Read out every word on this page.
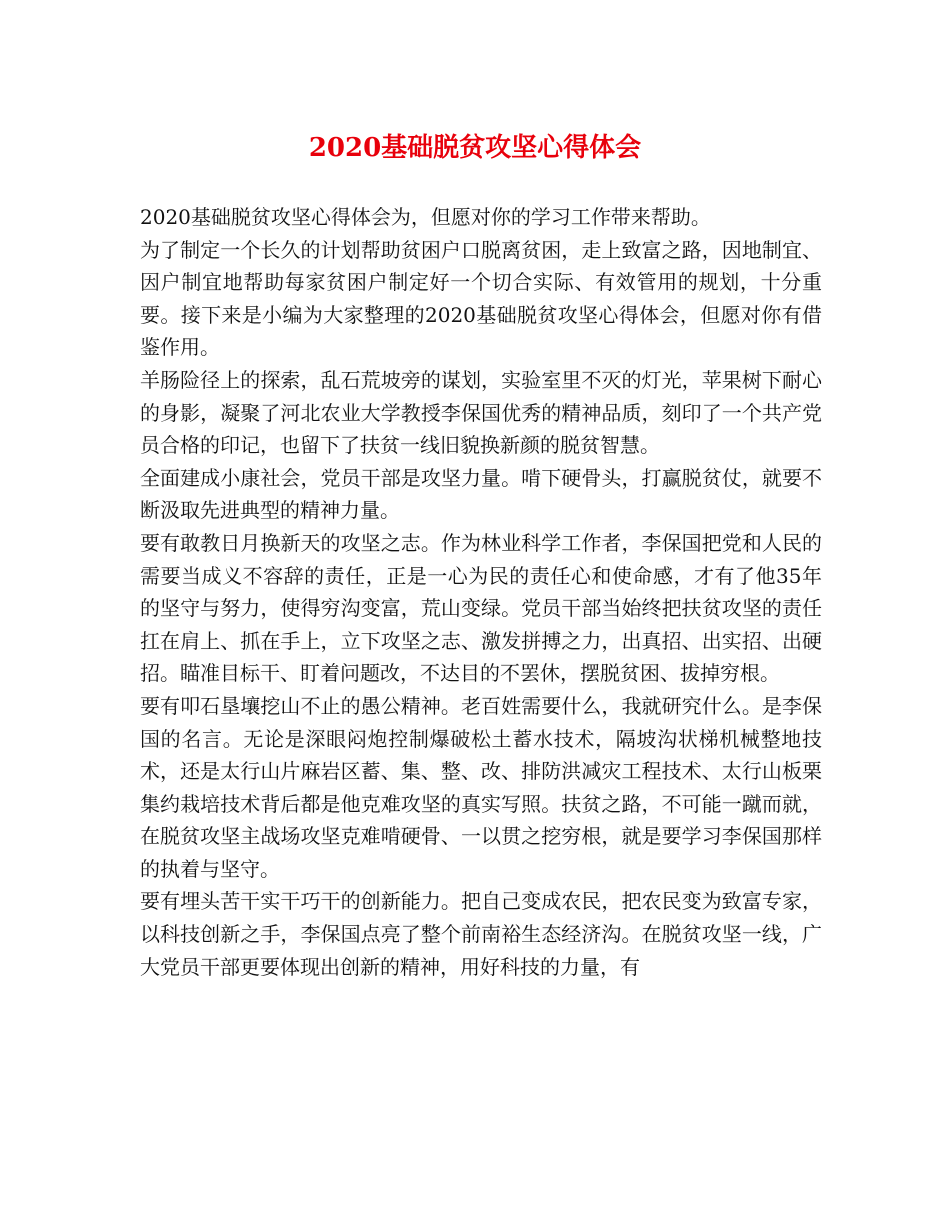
2020基础脱贫攻坚心得体会

2020基础脱贫攻坚心得体会为，但愿对你的学习工作带来帮助。

为了制定一个长久的计划帮助贫困户口脱离贫困，走上致富之路，因地制宜、因户制宜地帮助每家贫困户制定好一个切合实际、有效管用的规划，十分重要。接下来是小编为大家整理的2020基础脱贫攻坚心得体会，但愿对你有借鉴作用。

羊肠险径上的探索，乱石荒坡旁的谋划，实验室里不灭的灯光，苹果树下耐心的身影，凝聚了河北农业大学教授李保国优秀的精神品质，刻印了一个共产党员合格的印记，也留下了扶贫一线旧貌换新颜的脱贫智慧。

全面建成小康社会，党员干部是攻坚力量。啃下硬骨头，打赢脱贫仗，就要不断汲取先进典型的精神力量。

要有敢教日月换新天的攻坚之志。作为林业科学工作者，李保国把党和人民的需要当成义不容辞的责任，正是一心为民的责任心和使命感，才有了他35年的坚守与努力，使得穷沟变富，荒山变绿。党员干部当始终把扶贫攻坚的责任扛在肩上、抓在手上，立下攻坚之志、激发拼搏之力，出真招、出实招、出硬招。瞄准目标干、盯着问题改，不达目的不罢休，摆脱贫困、拔掉穷根。

要有叩石垦壤挖山不止的愚公精神。老百姓需要什么，我就研究什么。是李保国的名言。无论是深眼闷炮控制爆破松土蓄水技术，隔坡沟状梯机械整地技术，还是太行山片麻岩区蓄、集、整、改、排防洪减灾工程技术、太行山板栗集约栽培技术背后都是他克难攻坚的真实写照。扶贫之路，不可能一蹴而就，在脱贫攻坚主战场攻坚克难啃硬骨、一以贯之挖穷根，就是要学习李保国那样的执着与坚守。

要有埋头苦干实干巧干的创新能力。把自己变成农民，把农民变为致富专家，以科技创新之手，李保国点亮了整个前南裕生态经济沟。在脱贫攻坚一线，广大党员干部更要体现出创新的精神，用好科技的力量，有
